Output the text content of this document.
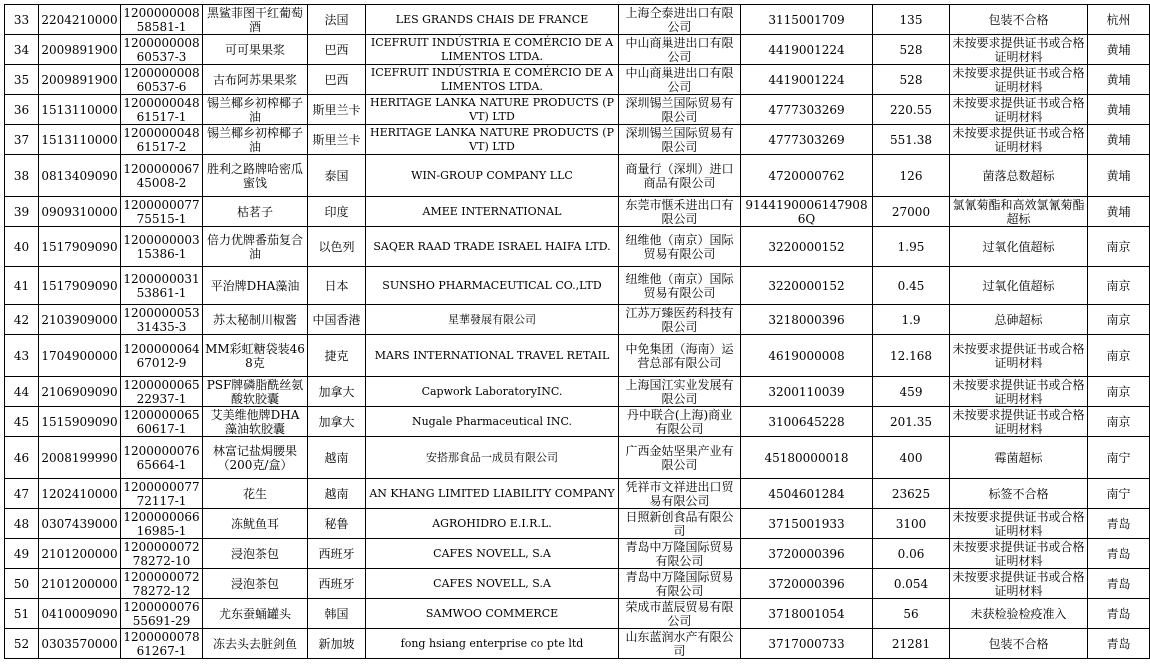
33	2204210000	120000000858581-1	黑鲨菲图干红葡萄酒	法国	LES GRANDS CHAIS DE FRANCE	上海仝泰进出口有限公司	3115001709	135	包装不合格	杭州
34	2009891900	120000000860537-3	可可果果浆	巴西	ICEFRUIT INDÚSTRIA E COMÉRCIO DE ALIMENTOS LTDA.	中山商巢进出口有限公司	4419001224	528	未按要求提供证书或合格证明材料	黄埔
35	2009891900	120000000860537-6	古布阿苏果果浆	巴西	ICEFRUIT INDÚSTRIA E COMÉRCIO DE ALIMENTOS LTDA.	中山商巢进出口有限公司	4419001224	528	未按要求提供证书或合格证明材料	黄埔
36	1513110000	120000004861517-1	锡兰椰乡初榨椰子油	斯里兰卡	HERITAGE LANKA NATURE PRODUCTS (PVT) LTD	深圳锡兰国际贸易有限公司	4777303269	220.55	未按要求提供证书或合格证明材料	黄埔
37	1513110000	120000004861517-2	锡兰椰乡初榨椰子油	斯里兰卡	HERITAGE LANKA NATURE PRODUCTS (PVT) LTD	深圳锡兰国际贸易有限公司	4777303269	551.38	未按要求提供证书或合格证明材料	黄埔
38	0813409090	120000006745008-2	胜利之路牌哈密瓜蜜饯	泰国	WIN-GROUP COMPANY LLC	商量行（深圳）进口商品有限公司	4720000762	126	菌落总数超标	黄埔
39	0909310000	120000007775515-1	枯茗子	印度	AMEE INTERNATIONAL	东莞市惬禾进出口有限公司	91441900061479086Q	27000	氯氰菊酯和高效氯氰菊酯超标	黄埔
40	1517909090	120000000315386-1	倍力优牌番茄复合油	以色列	SAQER RAAD TRADE ISRAEL HAIFA LTD.	纽维他（南京）国际贸易有限公司	3220000152	1.95	过氧化值超标	南京
41	1517909090	120000003153861-1	平治牌DHA藻油	日本	SUNSHO PHARMACEUTICAL CO.,LTD	纽维他（南京）国际贸易有限公司	3220000152	0.45	过氧化值超标	南京
42	2103909000	120000005331435-3	苏太秘制川椒酱	中国香港	星華發展有限公司	江苏万臻医药科技有限公司	3218000396	1.9	总砷超标	南京
43	1704900000	120000006467012-9	MM彩虹糖袋装468克	捷克	MARS INTERNATIONAL TRAVEL RETAIL	中免集团（海南）运营总部有限公司	4619000008	12.168	未按要求提供证书或合格证明材料	南京
44	2106909090	120000006522937-1	PSF牌磷脂酰丝氨酸软胶囊	加拿大	Capwork LaboratoryINC.	上海国江实业发展有限公司	3200110039	459	未按要求提供证书或合格证明材料	南京
45	1515909090	120000006560617-1	艾美维他牌DHA藻油软胶囊	加拿大	Nugale Pharmaceutical INC.	丹中联合(上海)商业有限公司	3100645228	201.35	未按要求提供证书或合格证明材料	南京
46	2008199990	120000007665664-1	林富记盐焗腰果（200克/盒）	越南	安搭那食品一成员有限公司	广西金姑坚果产业有限公司	45180000018	400	霉菌超标	南宁
47	1202410000	120000007772117-1	花生	越南	AN KHANG LIMITED LIABILITY COMPANY	凭祥市文祥进出口贸易有限公司	4504601284	23625	标签不合格	南宁
48	0307439000	120000006616985-1	冻鱿鱼耳	秘鲁	AGROHIDRO E.I.R.L.	日照新创食品有限公司	3715001933	3100	未按要求提供证书或合格证明材料	青岛
49	2101200000	120000007278272-10	浸泡茶包	西班牙	CAFES NOVELL, S.A	青岛中万隆国际贸易有限公司	3720000396	0.06	未按要求提供证书或合格证明材料	青岛
50	2101200000	120000007278272-12	浸泡茶包	西班牙	CAFES NOVELL, S.A	青岛中万隆国际贸易有限公司	3720000396	0.054	未按要求提供证书或合格证明材料	青岛
51	0410009090	120000007655691-29	尤东蚕蛹罐头	韩国	SAMWOO COMMERCE	荣成市蓝辰贸易有限公司	3718001054	56	未获检验检疫准入	青岛
52	0303570000	120000007861267-1	冻去头去脏剑鱼	新加坡	fong hsiang enterprise co pte ltd	山东蓝润水产有限公司	3717000733	21281	包装不合格	青岛
